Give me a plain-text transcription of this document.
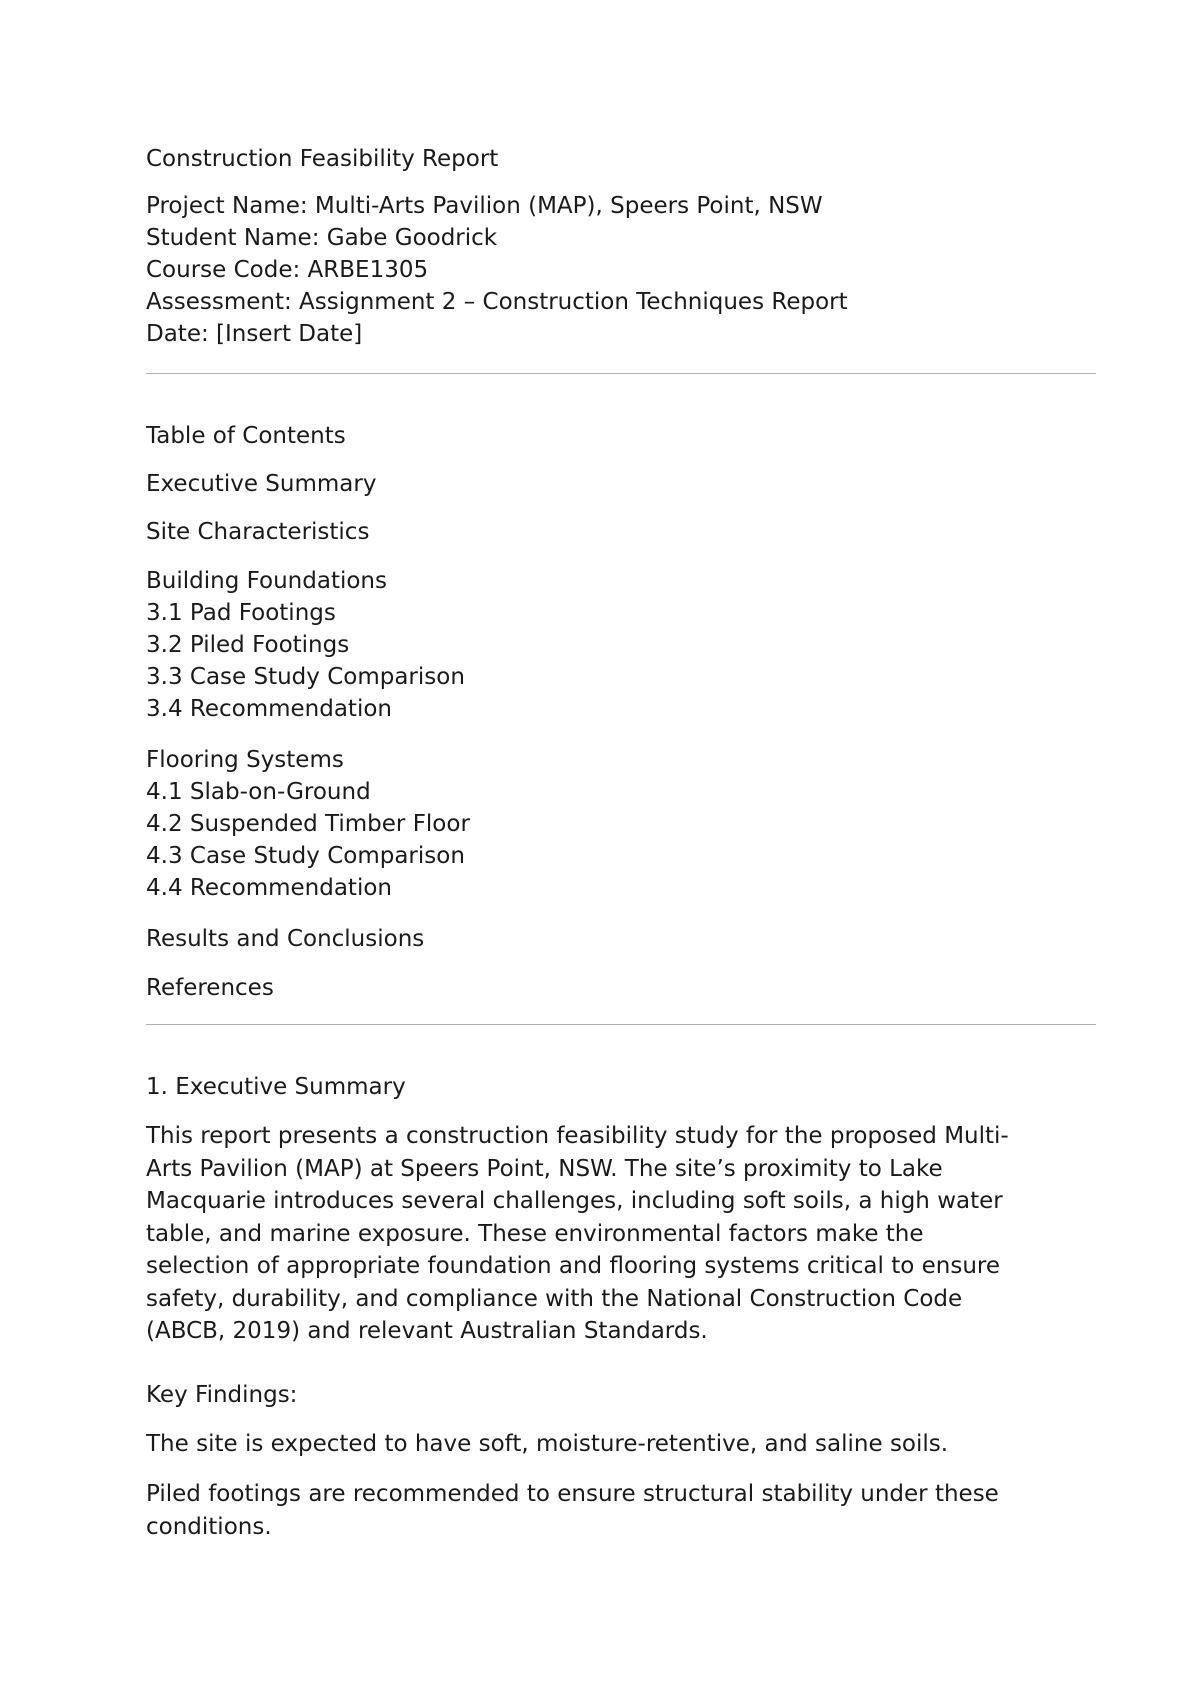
Construction Feasibility Report

Project Name: Multi-Arts Pavilion (MAP), Speers Point, NSW

Student Name: Gabe Goodrick

Course Code: ARBE1305

Assessment: Assignment 2 – Construction Techniques Report

Date: [Insert Date]

Table of Contents

Executive Summary

Site Characteristics

Building Foundations

3.1 Pad Footings

3.2 Piled Footings

3.3 Case Study Comparison

3.4 Recommendation

Flooring Systems

4.1 Slab-on-Ground

4.2 Suspended Timber Floor

4.3 Case Study Comparison

4.4 Recommendation

Results and Conclusions

References

1. Executive Summary

This report presents a construction feasibility study for the proposed Multi-

Arts Pavilion (MAP) at Speers Point, NSW. The site’s proximity to Lake

Macquarie introduces several challenges, including soft soils, a high water

table, and marine exposure. These environmental factors make the

selection of appropriate foundation and flooring systems critical to ensure

safety, durability, and compliance with the National Construction Code

(ABCB, 2019) and relevant Australian Standards.

Key Findings:

The site is expected to have soft, moisture-retentive, and saline soils.

Piled footings are recommended to ensure structural stability under these

conditions.
